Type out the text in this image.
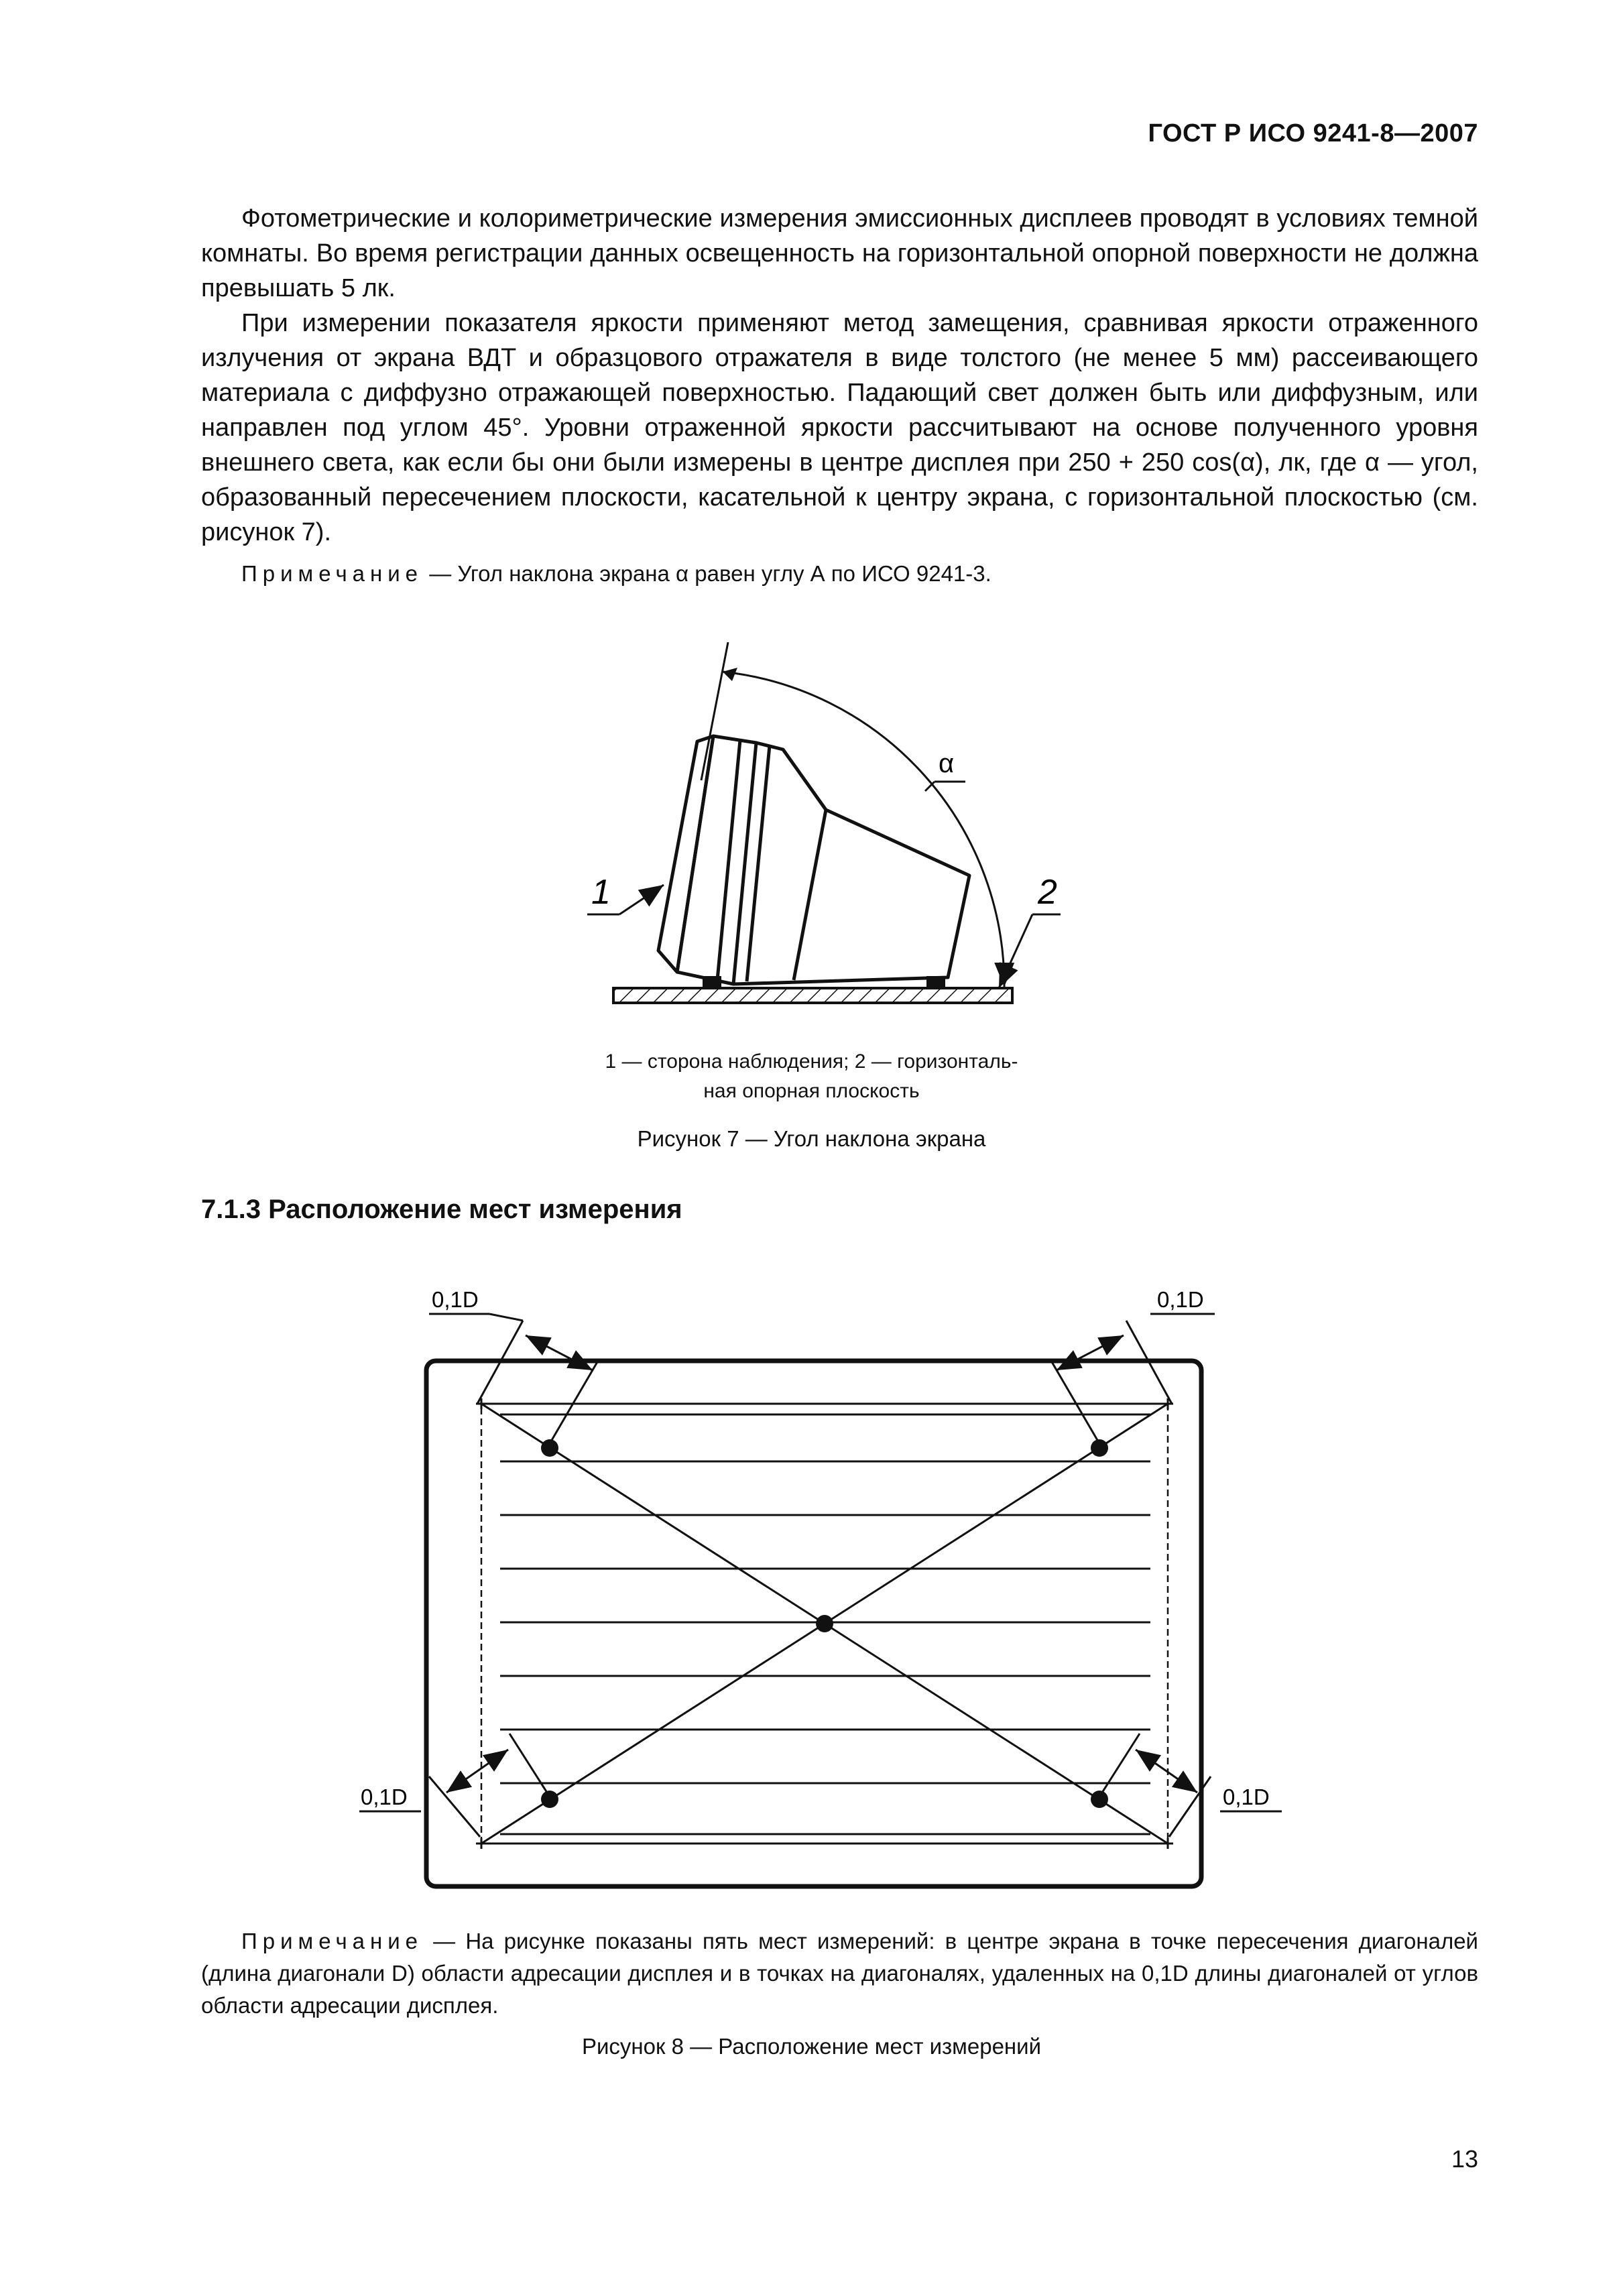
ГОСТ Р ИСО 9241-8—2007

Фотометрические и колориметрические измерения эмиссионных дисплеев проводят в условиях темной комнаты. Во время регистрации данных освещенность на горизонтальной опорной поверхности не должна превышать 5 лк.

При измерении показателя яркости применяют метод замещения, сравнивая яркости отраженного излучения от экрана ВДТ и образцового отражателя в виде толстого (не менее 5 мм) рассеивающего материала с диффузно отражающей поверхностью. Падающий свет должен быть или диффузным, или направлен под углом 45°. Уровни отраженной яркости рассчитывают на основе полученного уровня внешнего света, как если бы они были измерены в центре дисплея при 250 + 250 cos(α), лк, где α — угол, образованный пересечением плоскости, касательной к центру экрана, с горизонтальной плоскостью (см. рисунок 7).

Примечание — Угол наклона экрана α равен углу А по ИСО 9241-3.

α
1	2
1 — сторона наблюдения; 2 — горизонталь-
ная опорная плоскость
Рисунок 7 — Угол наклона экрана
7.1.3 Расположение мест измерения
0,1D	0,1D
0,1D	0,1D

Примечание — На рисунке показаны пять мест измерений: в центре экрана в точке пересечения диагоналей (длина диагонали D) области адресации дисплея и в точках на диагоналях, удаленных на 0,1D длины диагоналей от углов области адресации дисплея.

Рисунок 8 — Расположение мест измерений
13
